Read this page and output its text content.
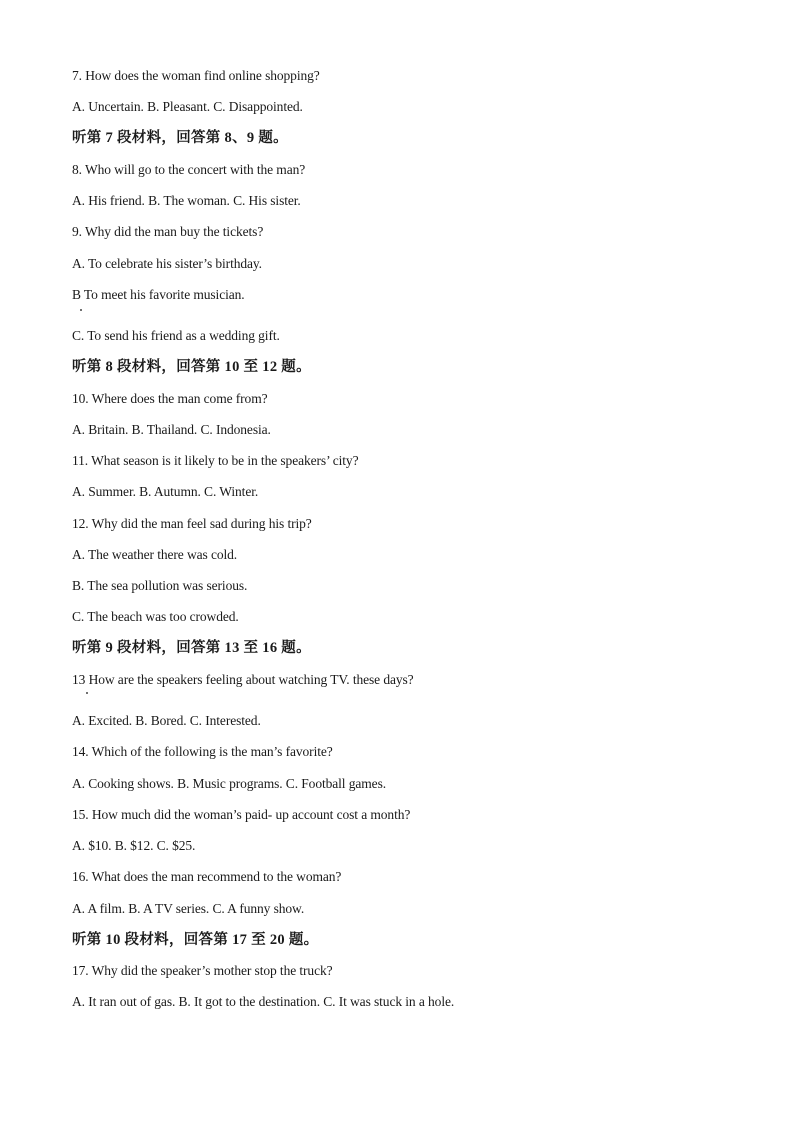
7. How does the woman find online shopping?
A. Uncertain. B. Pleasant. C. Disappointed.
听第 7 段材料，回答第 8、9 题。
8. Who will go to the concert with the man?
A. His friend. B. The woman. C. His sister.
9. Why did the man buy the tickets?
A. To celebrate his sister’s birthday.
B To meet his favorite musician.
C. To send his friend as a wedding gift.
听第 8 段材料，回答第 10 至 12 题。
10. Where does the man come from?
A. Britain. B. Thailand. C. Indonesia.
11. What season is it likely to be in the speakers’ city?
A. Summer. B. Autumn. C. Winter.
12. Why did the man feel sad during his trip?
A. The weather there was cold.
B. The sea pollution was serious.
C. The beach was too crowded.
听第 9 段材料，回答第 13 至 16 题。
13 How are the speakers feeling about watching TV. these days?
A. Excited. B. Bored. C. Interested.
14. Which of the following is the man’s favorite?
A. Cooking shows. B. Music programs. C. Football games.
15. How much did the woman’s paid- up account cost a month?
A. $10. B. $12. C. $25.
16. What does the man recommend to the woman?
A. A film. B. A TV series. C. A funny show.
听第 10 段材料，回答第 17 至 20 题。
17. Why did the speaker’s mother stop the truck?
A. It ran out of gas. B. It got to the destination. C. It was stuck in a hole.
